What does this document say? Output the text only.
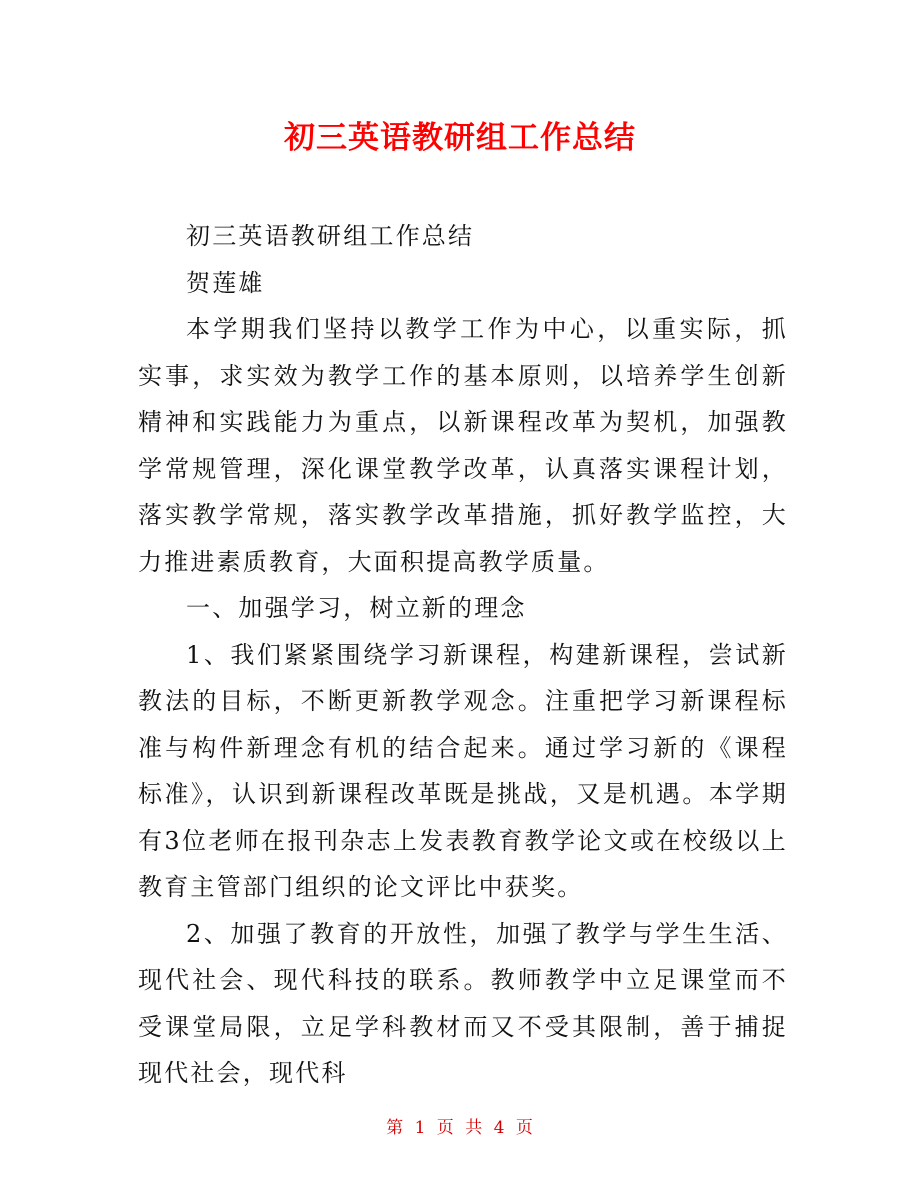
初三英语教研组工作总结

初三英语教研组工作总结

贺莲雄

本学期我们坚持以教学工作为中心，以重实际，抓实事，求实效为教学工作的基本原则，以培养学生创新精神和实践能力为重点，以新课程改革为契机，加强教学常规管理，深化课堂教学改革，认真落实课程计划，落实教学常规，落实教学改革措施，抓好教学监控，大力推进素质教育，大面积提高教学质量。

一、加强学习，树立新的理念

1、我们紧紧围绕学习新课程，构建新课程，尝试新教法的目标，不断更新教学观念。注重把学习新课程标准与构件新理念有机的结合起来。通过学习新的《课程标准》，认识到新课程改革既是挑战，又是机遇。本学期有3位老师在报刊杂志上发表教育教学论文或在校级以上教育主管部门组织的论文评比中获奖。

2、加强了教育的开放性，加强了教学与学生生活、现代社会、现代科技的联系。教师教学中立足课堂而不受课堂局限，立足学科教材而又不受其限制，善于捕捉现代社会，现代科

第 1 页 共 4 页
